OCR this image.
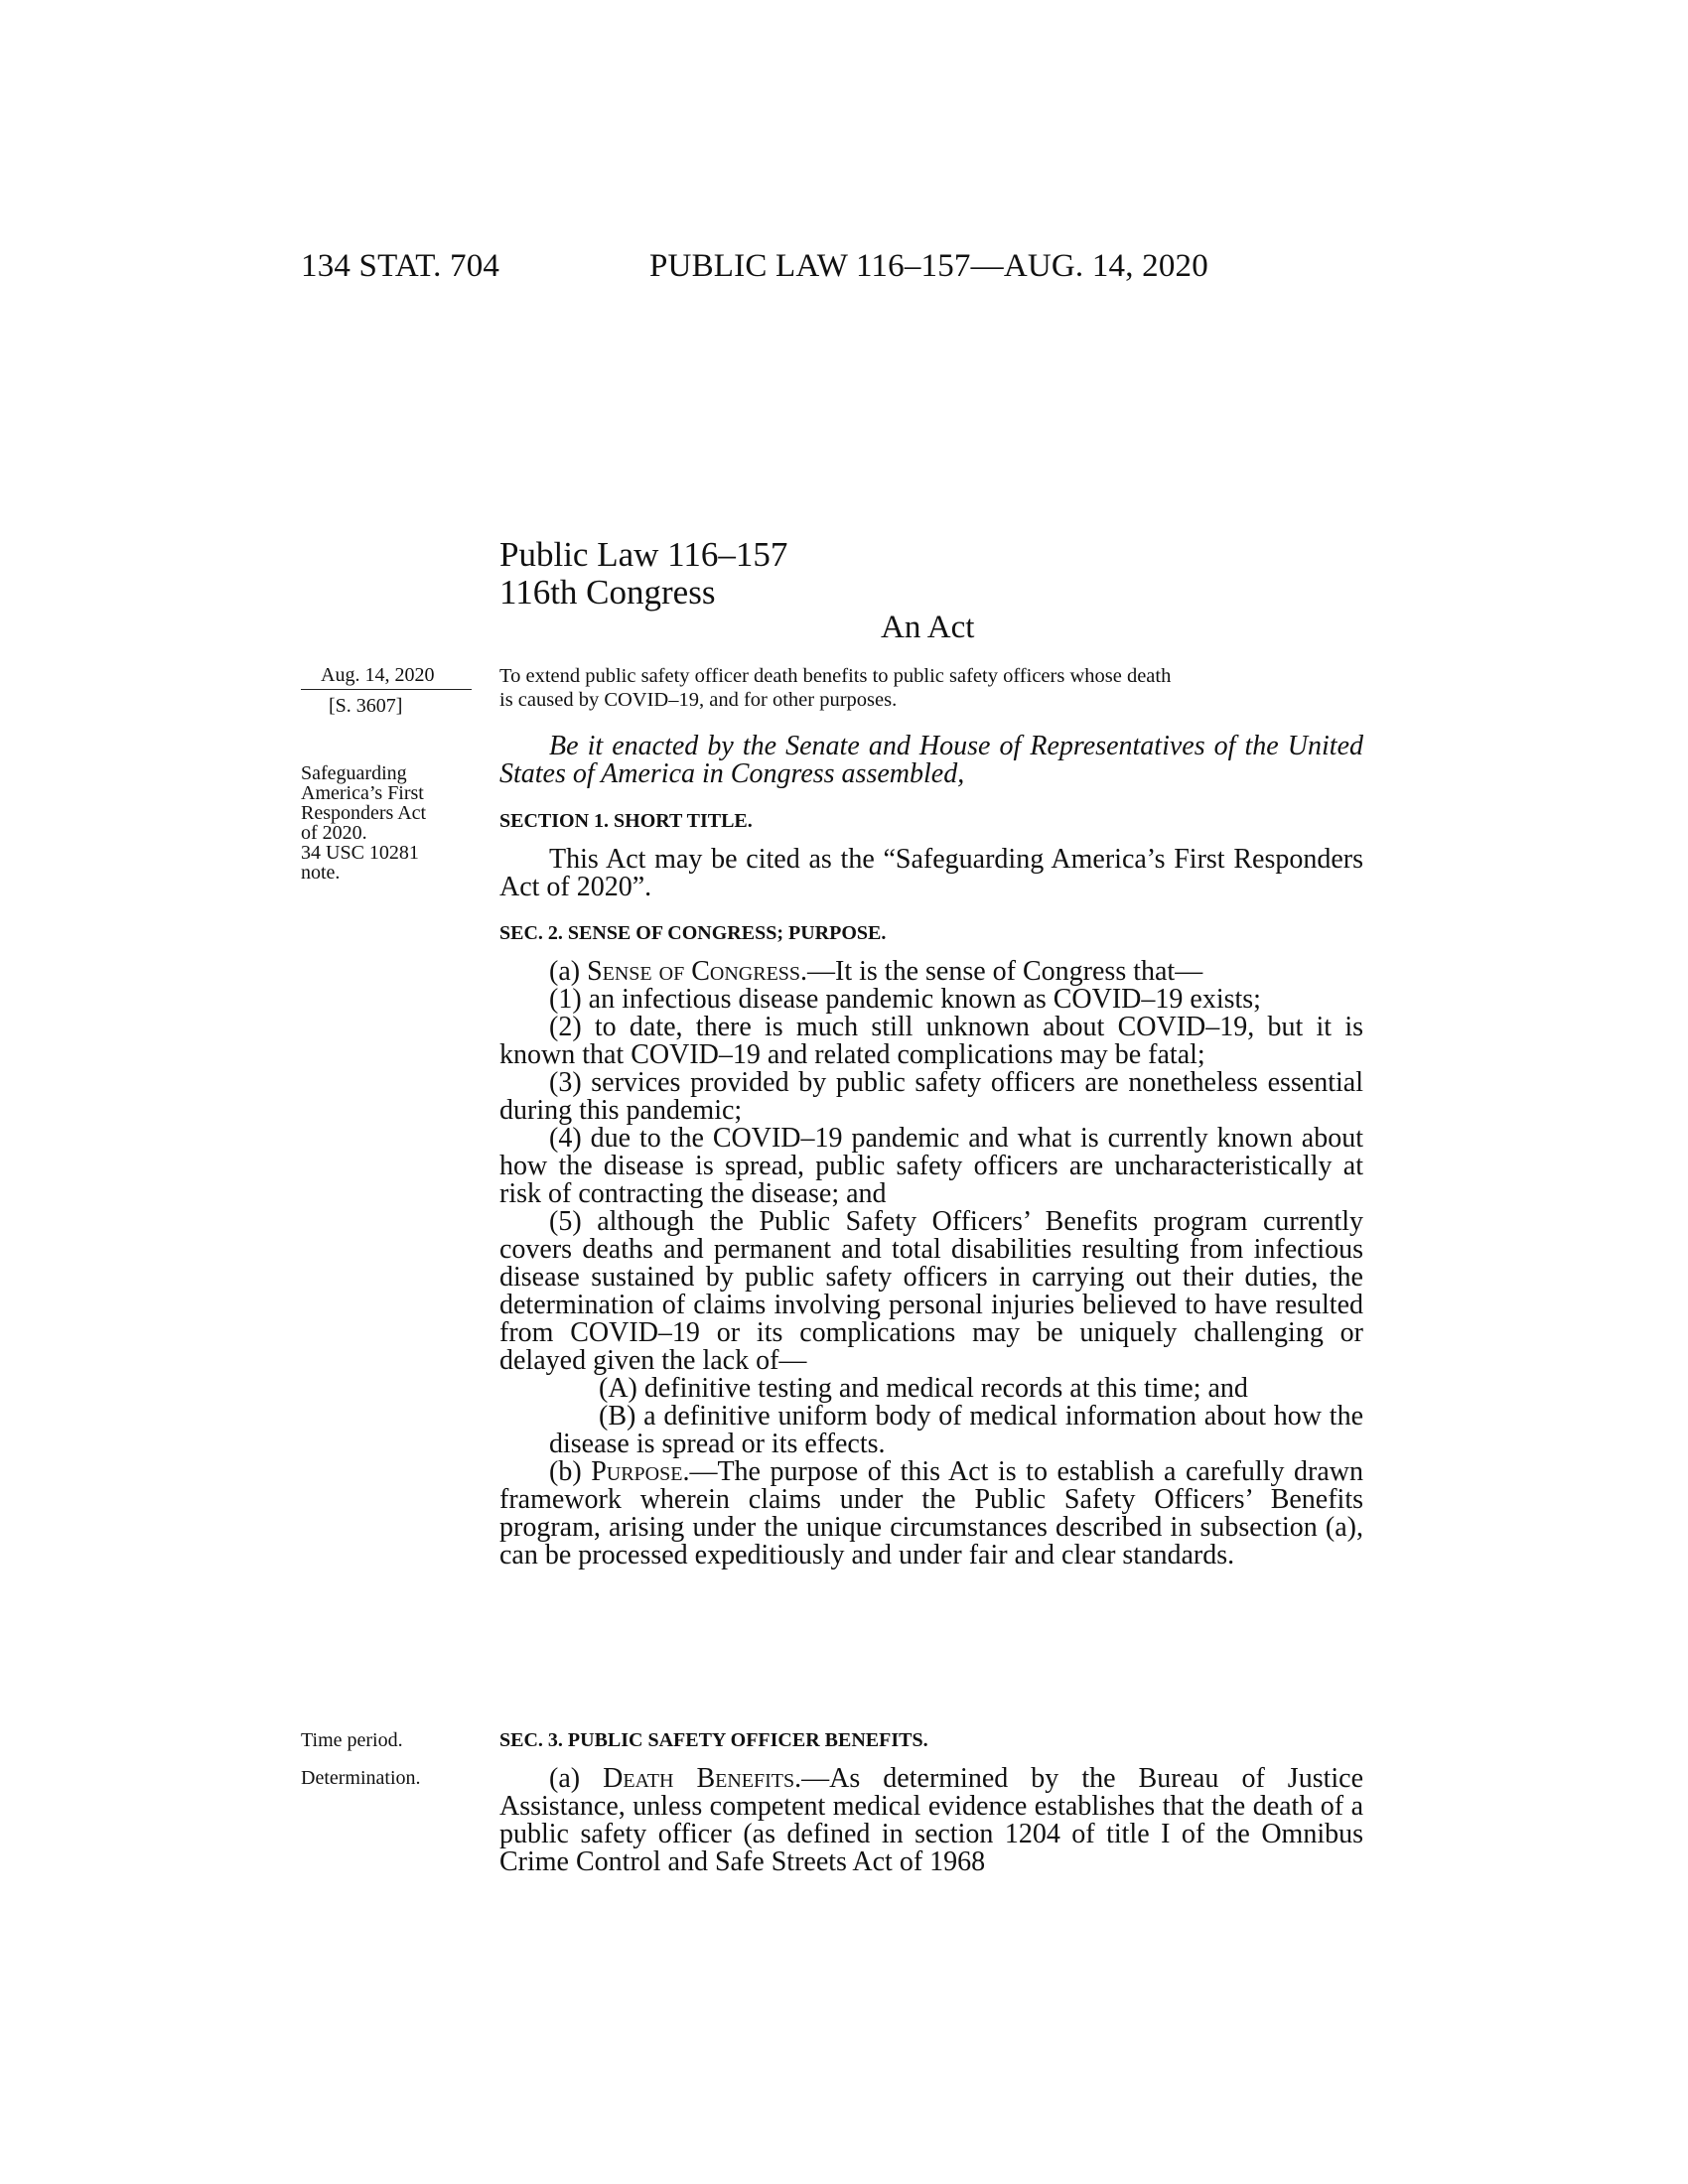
134 STAT. 704	PUBLIC LAW 116–157—AUG. 14, 2020
Public Law 116–157
116th Congress
An Act
Aug. 14, 2020
[S. 3607]
Safeguarding
America’s First
Responders Act
of 2020.
34 USC 10281
note.
Time period.
Determination.

To extend public safety officer death benefits to public safety officers whose death

is caused by COVID–19, and for other purposes.

Be it enacted by the Senate and House of Representatives of the United States of America in Congress assembled,

SECTION 1. SHORT TITLE.

This Act may be cited as the “Safeguarding America’s First Responders Act of 2020”.

SEC. 2. SENSE OF CONGRESS; PURPOSE.

(a) Sense of Congress.—It is the sense of Congress that—

(1) an infectious disease pandemic known as COVID–19 exists;

(2) to date, there is much still unknown about COVID–19, but it is known that COVID–19 and related complications may be fatal;

(3) services provided by public safety officers are nonetheless essential during this pandemic;

(4) due to the COVID–19 pandemic and what is currently known about how the disease is spread, public safety officers are uncharacteristically at risk of contracting the disease; and

(5) although the Public Safety Officers’ Benefits program currently covers deaths and permanent and total disabilities resulting from infectious disease sustained by public safety officers in carrying out their duties, the determination of claims involving personal injuries believed to have resulted from COVID–19 or its complications may be uniquely challenging or delayed given the lack of—

(A) definitive testing and medical records at this time; and

(B) a definitive uniform body of medical information about how the disease is spread or its effects.

(b) Purpose.—The purpose of this Act is to establish a carefully drawn framework wherein claims under the Public Safety Officers’ Benefits program, arising under the unique circumstances described in subsection (a), can be processed expeditiously and under fair and clear standards.

SEC. 3. PUBLIC SAFETY OFFICER BENEFITS.

(a) Death Benefits.—As determined by the Bureau of Justice Assistance, unless competent medical evidence establishes that the death of a public safety officer (as defined in section 1204 of title I of the Omnibus Crime Control and Safe Streets Act of 1968
